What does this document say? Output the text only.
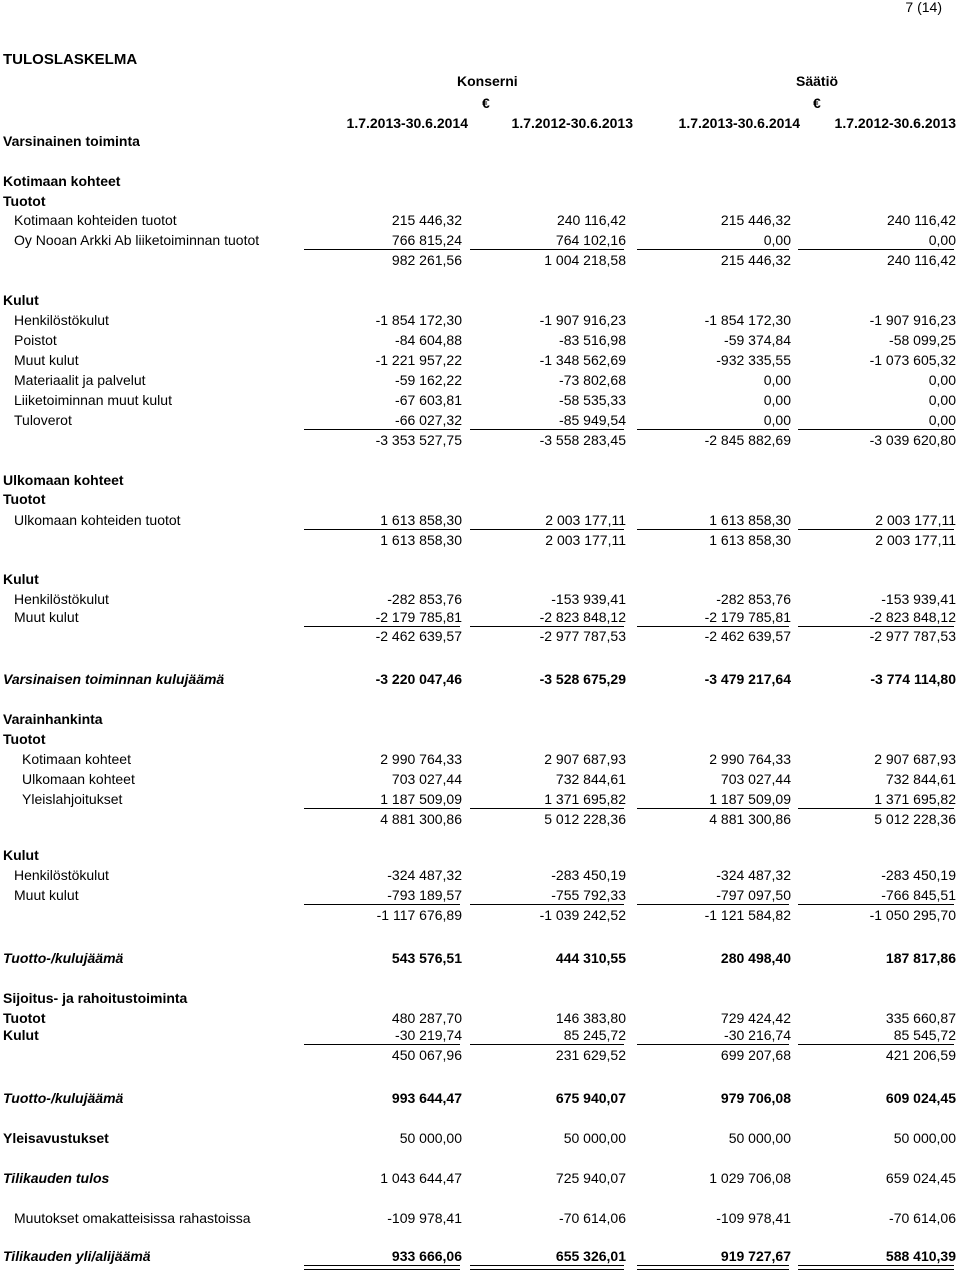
7 (14)
TULOSLASKELMA
Konserni	Säätiö
€	€
1.7.2013-30.6.2014	1.7.2012-30.6.2013	1.7.2013-30.6.2014 1.7.2012-30.6.2013
Varsinainen toiminta
Kotimaan kohteet
Tuotot
Kotimaan kohteiden tuotot	215 446,32	240 116,42	215 446,32	240 116,42
Oy Nooan Arkki Ab liiketoiminnan tuotot	766 815,24	764 102,16	0,00	0,00
982 261,56	1 004 218,58	215 446,32	240 116,42
Kulut
Henkilöstökulut	-1 854 172,30	-1 907 916,23	-1 854 172,30	-1 907 916,23
Poistot	-84 604,88	-83 516,98	-59 374,84	-58 099,25
Muut kulut	-1 221 957,22	-1 348 562,69	-932 335,55	-1 073 605,32
Materiaalit ja palvelut	-59 162,22	-73 802,68	0,00	0,00
Liiketoiminnan muut kulut	-67 603,81	-58 535,33	0,00	0,00
Tuloverot	-66 027,32	-85 949,54	0,00	0,00
-3 353 527,75	-3 558 283,45	-2 845 882,69	-3 039 620,80
Ulkomaan kohteet
Tuotot
Ulkomaan kohteiden tuotot	1 613 858,30	2 003 177,11	1 613 858,30	2 003 177,11
1 613 858,30	2 003 177,11	1 613 858,30	2 003 177,11
Kulut
Henkilöstökulut	-282 853,76	-153 939,41	-282 853,76	-153 939,41
Muut kulut	-2 179 785,81	-2 823 848,12	-2 179 785,81	-2 823 848,12
-2 462 639,57	-2 977 787,53	-2 462 639,57	-2 977 787,53
Varsinaisen toiminnan kulujäämä	-3 220 047,46	-3 528 675,29	-3 479 217,64	-3 774 114,80
Varainhankinta
Tuotot
Kotimaan kohteet	2 990 764,33	2 907 687,93	2 990 764,33	2 907 687,93
Ulkomaan kohteet	703 027,44	732 844,61	703 027,44	732 844,61
Yleislahjoitukset	1 187 509,09	1 371 695,82	1 187 509,09	1 371 695,82
4 881 300,86	5 012 228,36	4 881 300,86	5 012 228,36
Kulut
Henkilöstökulut	-324 487,32	-283 450,19	-324 487,32	-283 450,19
Muut kulut	-793 189,57	-755 792,33	-797 097,50	-766 845,51
-1 117 676,89	-1 039 242,52	-1 121 584,82	-1 050 295,70
Tuotto-/kulujäämä	543 576,51	444 310,55	280 498,40	187 817,86
Sijoitus- ja rahoitustoiminta
Tuotot	480 287,70	146 383,80	729 424,42	335 660,87
Kulut	-30 219,74	85 245,72	-30 216,74	85 545,72
450 067,96	231 629,52	699 207,68	421 206,59
Tuotto-/kulujäämä	993 644,47	675 940,07	979 706,08	609 024,45
Yleisavustukset	50 000,00	50 000,00	50 000,00	50 000,00
Tilikauden tulos	1 043 644,47	725 940,07	1 029 706,08	659 024,45
Muutokset omakatteisissa rahastoissa	-109 978,41	-70 614,06	-109 978,41	-70 614,06
Tilikauden yli/alijäämä	933 666,06	655 326,01	919 727,67	588 410,39
